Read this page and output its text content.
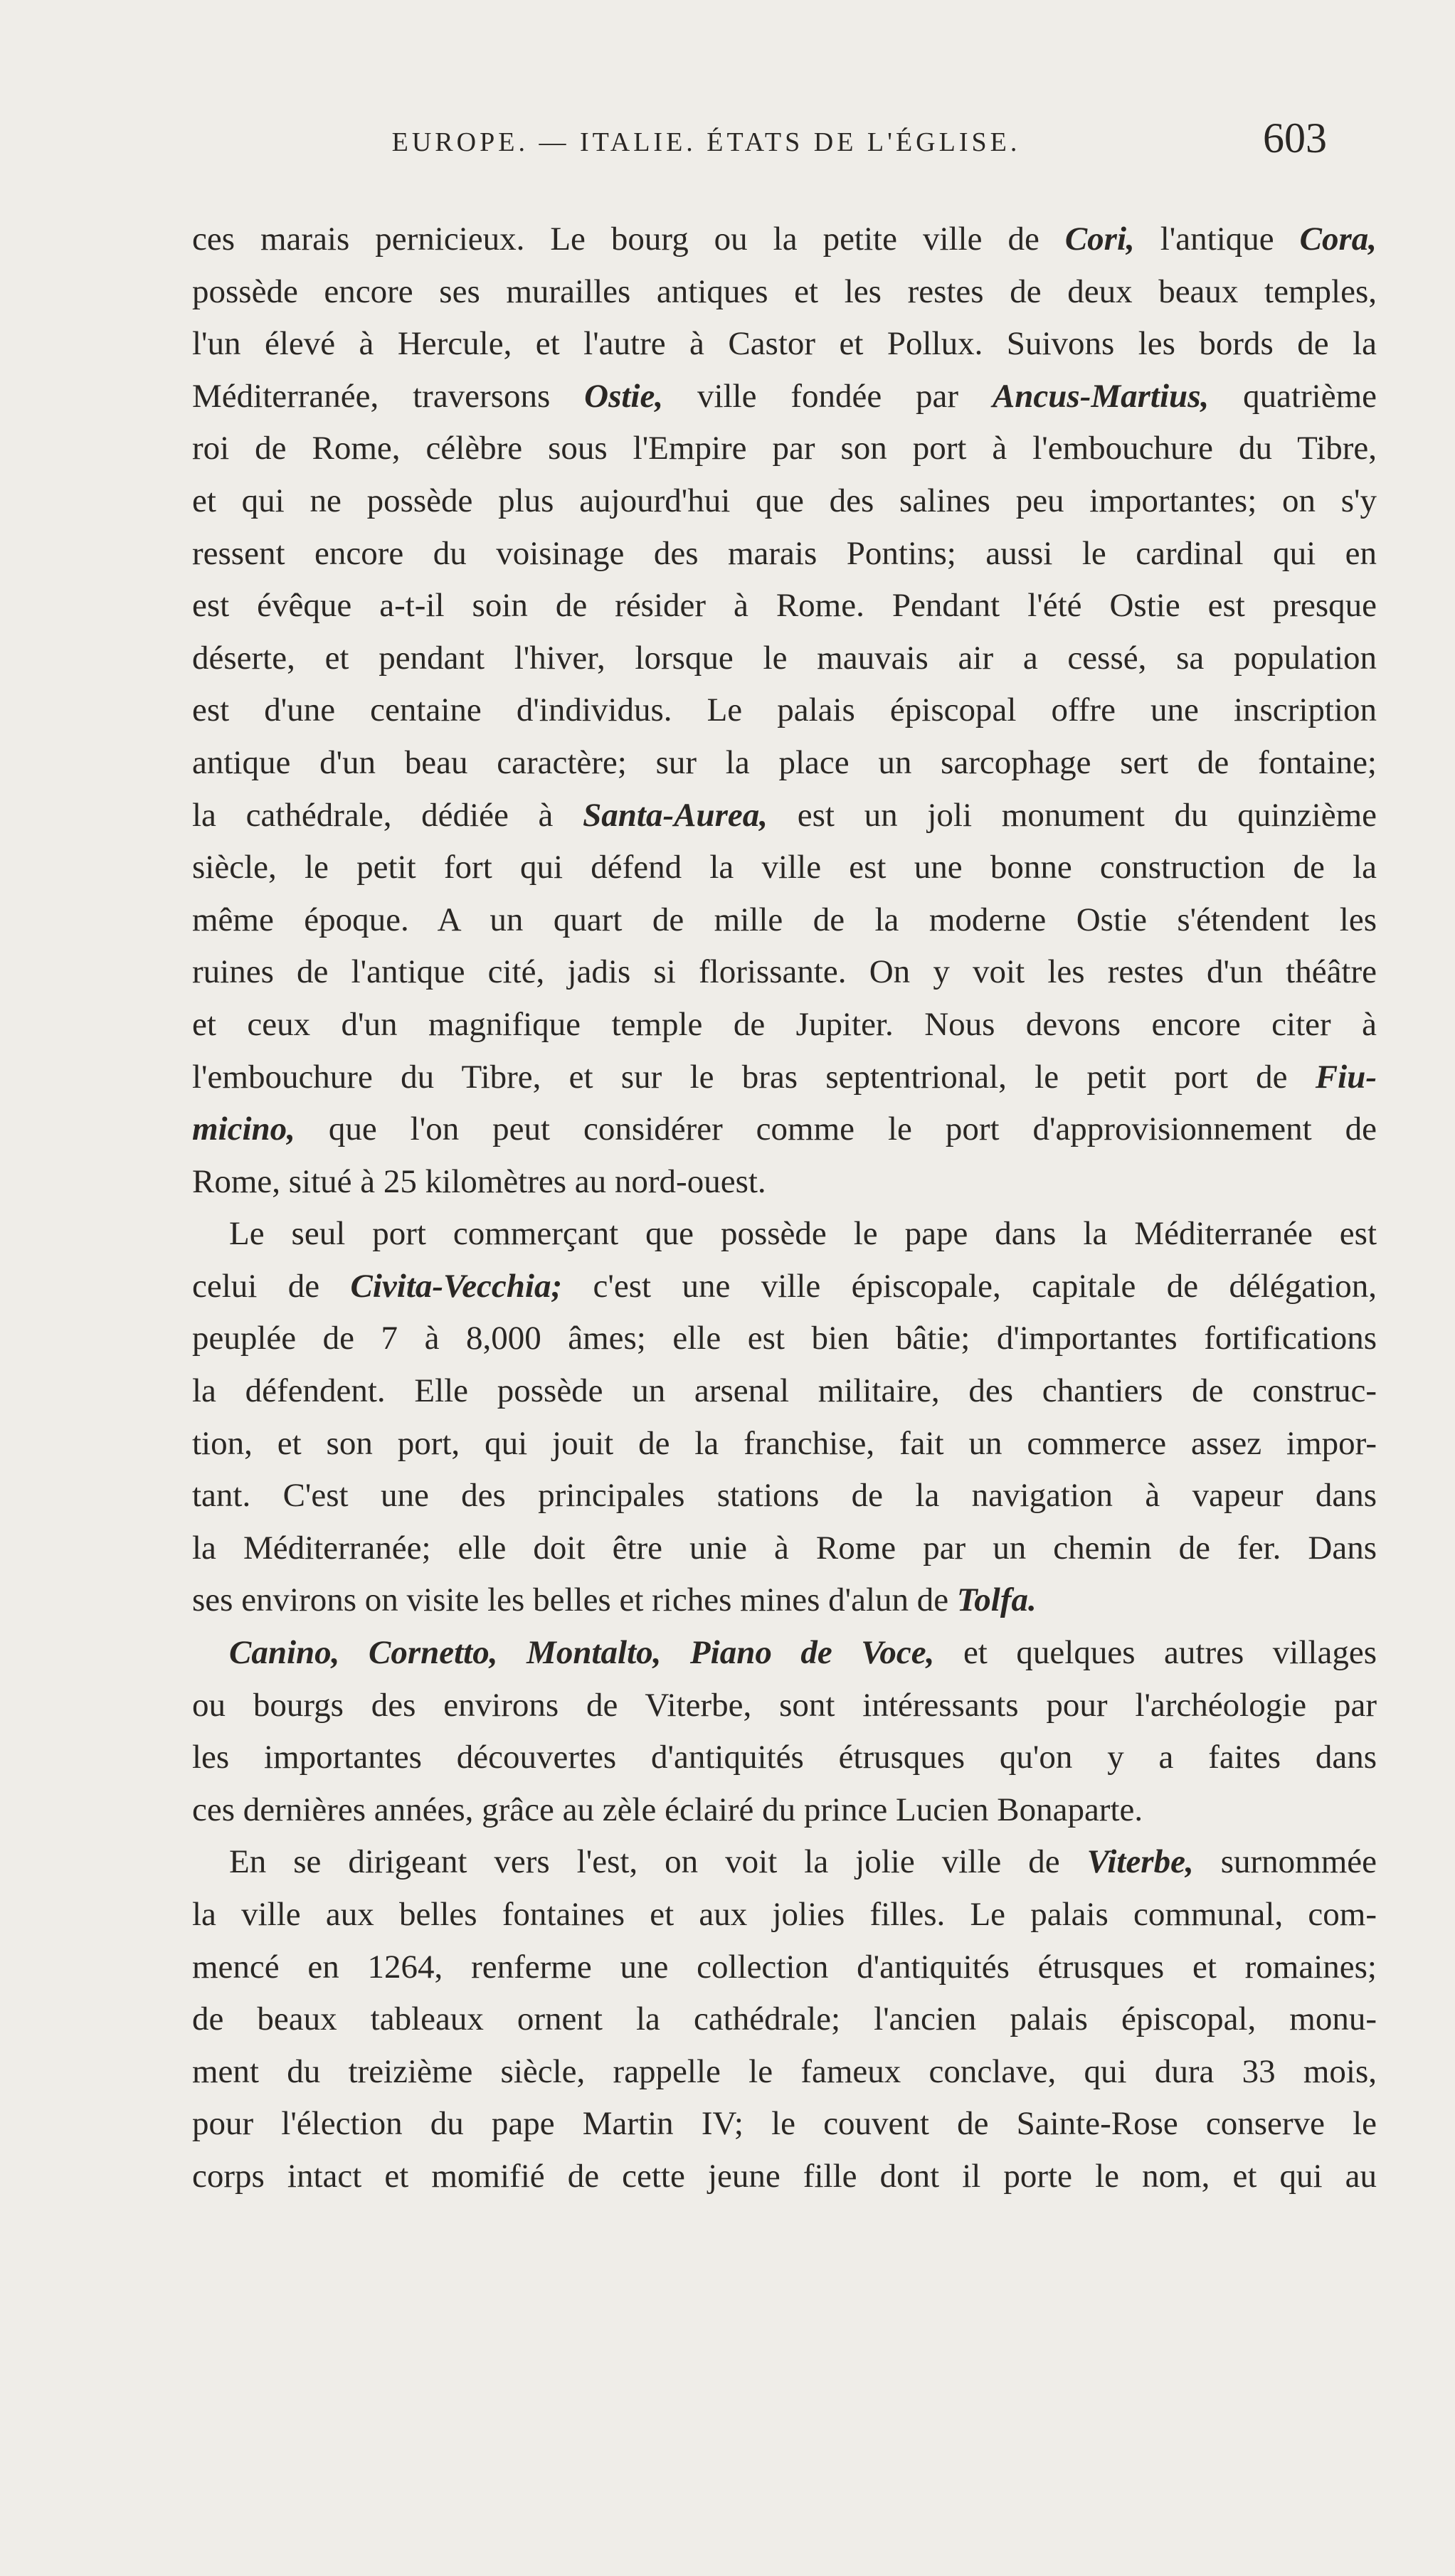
EUROPE. — ITALIE. ÉTATS DE L'ÉGLISE.	603
ces marais pernicieux. Le bourg ou la petite ville de Cori, l'antique Cora,
possède encore ses murailles antiques et les restes de deux beaux temples,
l'un élevé à Hercule, et l'autre à Castor et Pollux. Suivons les bords de la
Méditerranée, traversons Ostie, ville fondée par Ancus-Martius, quatrième
roi de Rome, célèbre sous l'Empire par son port à l'embouchure du Tibre,
et qui ne possède plus aujourd'hui que des salines peu importantes; on s'y
ressent encore du voisinage des marais Pontins; aussi le cardinal qui en
est évêque a-t-il soin de résider à Rome. Pendant l'été Ostie est presque
déserte, et pendant l'hiver, lorsque le mauvais air a cessé, sa population
est d'une centaine d'individus. Le palais épiscopal offre une inscription
antique d'un beau caractère; sur la place un sarcophage sert de fontaine;
la cathédrale, dédiée à Santa-Aurea, est un joli monument du quinzième
siècle, le petit fort qui défend la ville est une bonne construction de la
même époque. A un quart de mille de la moderne Ostie s'étendent les
ruines de l'antique cité, jadis si florissante. On y voit les restes d'un théâtre
et ceux d'un magnifique temple de Jupiter. Nous devons encore citer à
l'embouchure du Tibre, et sur le bras septentrional, le petit port de Fiu-
micino, que l'on peut considérer comme le port d'approvisionnement de
Rome, situé à 25 kilomètres au nord-ouest.
Le seul port commerçant que possède le pape dans la Méditerranée est
celui de Civita-Vecchia; c'est une ville épiscopale, capitale de délégation,
peuplée de 7 à 8,000 âmes; elle est bien bâtie; d'importantes fortifications
la défendent. Elle possède un arsenal militaire, des chantiers de construc-
tion, et son port, qui jouit de la franchise, fait un commerce assez impor-
tant. C'est une des principales stations de la navigation à vapeur dans
la Méditerranée; elle doit être unie à Rome par un chemin de fer. Dans
ses environs on visite les belles et riches mines d'alun de Tolfa.
Canino, Cornetto, Montalto, Piano de Voce, et quelques autres villages
ou bourgs des environs de Viterbe, sont intéressants pour l'archéologie par
les importantes découvertes d'antiquités étrusques qu'on y a faites dans
ces dernières années, grâce au zèle éclairé du prince Lucien Bonaparte.
En se dirigeant vers l'est, on voit la jolie ville de Viterbe, surnommée
la ville aux belles fontaines et aux jolies filles. Le palais communal, com-
mencé en 1264, renferme une collection d'antiquités étrusques et romaines;
de beaux tableaux ornent la cathédrale; l'ancien palais épiscopal, monu-
ment du treizième siècle, rappelle le fameux conclave, qui dura 33 mois,
pour l'élection du pape Martin IV; le couvent de Sainte-Rose conserve le
corps intact et momifié de cette jeune fille dont il porte le nom, et qui au
